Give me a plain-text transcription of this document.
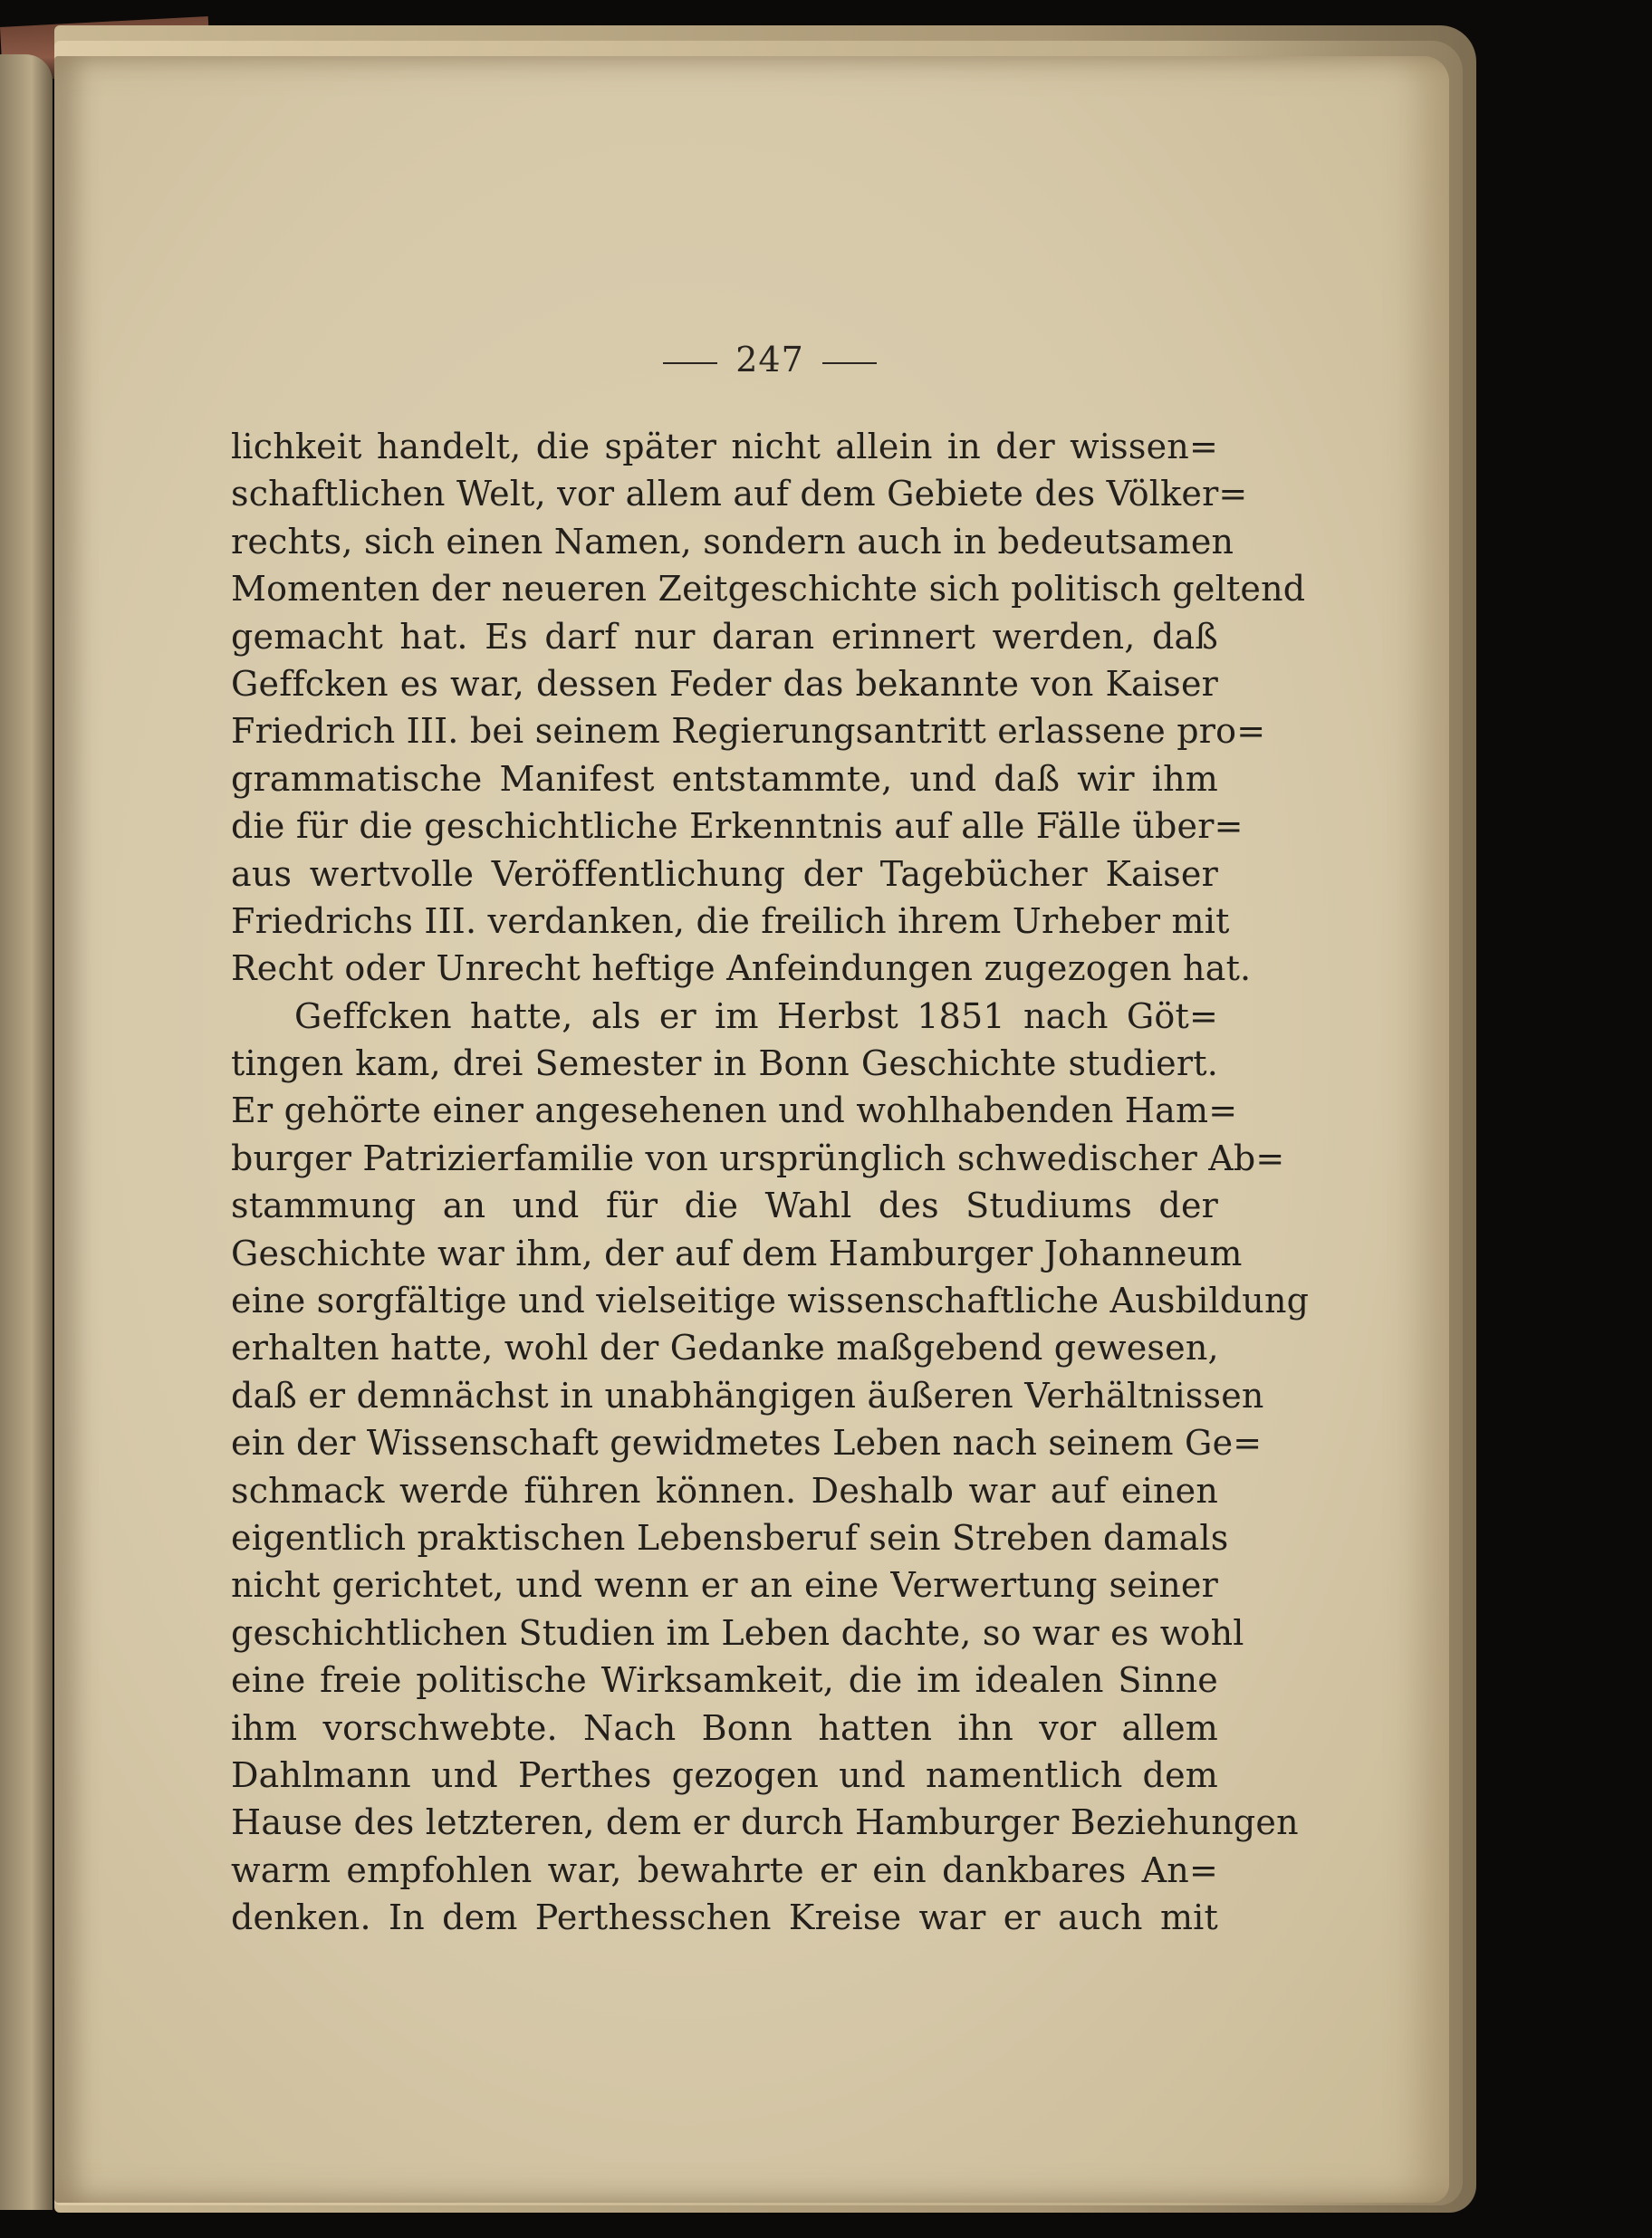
247
lichkeit handelt, die später nicht allein in der wissen=
schaftlichen Welt, vor allem auf dem Gebiete des Völker=
rechts, sich einen Namen, sondern auch in bedeutsamen
Momenten der neueren Zeitgeschichte sich politisch geltend
gemacht hat. Es darf nur daran erinnert werden, daß
Geffcken es war, dessen Feder das bekannte von Kaiser
Friedrich III. bei seinem Regierungsantritt erlassene pro=
grammatische Manifest entstammte, und daß wir ihm
die für die geschichtliche Erkenntnis auf alle Fälle über=
aus wertvolle Veröffentlichung der Tagebücher Kaiser
Friedrichs III. verdanken, die freilich ihrem Urheber mit
Recht oder Unrecht heftige Anfeindungen zugezogen hat.
Geffcken hatte, als er im Herbst 1851 nach Göt=
tingen kam, drei Semester in Bonn Geschichte studiert.
Er gehörte einer angesehenen und wohlhabenden Ham=
burger Patrizierfamilie von ursprünglich schwedischer Ab=
stammung an und für die Wahl des Studiums der
Geschichte war ihm, der auf dem Hamburger Johanneum
eine sorgfältige und vielseitige wissenschaftliche Ausbildung
erhalten hatte, wohl der Gedanke maßgebend gewesen,
daß er demnächst in unabhängigen äußeren Verhältnissen
ein der Wissenschaft gewidmetes Leben nach seinem Ge=
schmack werde führen können. Deshalb war auf einen
eigentlich praktischen Lebensberuf sein Streben damals
nicht gerichtet, und wenn er an eine Verwertung seiner
geschichtlichen Studien im Leben dachte, so war es wohl
eine freie politische Wirksamkeit, die im idealen Sinne
ihm vorschwebte. Nach Bonn hatten ihn vor allem
Dahlmann und Perthes gezogen und namentlich dem
Hause des letzteren, dem er durch Hamburger Beziehungen
warm empfohlen war, bewahrte er ein dankbares An=
denken. In dem Perthesschen Kreise war er auch mit
